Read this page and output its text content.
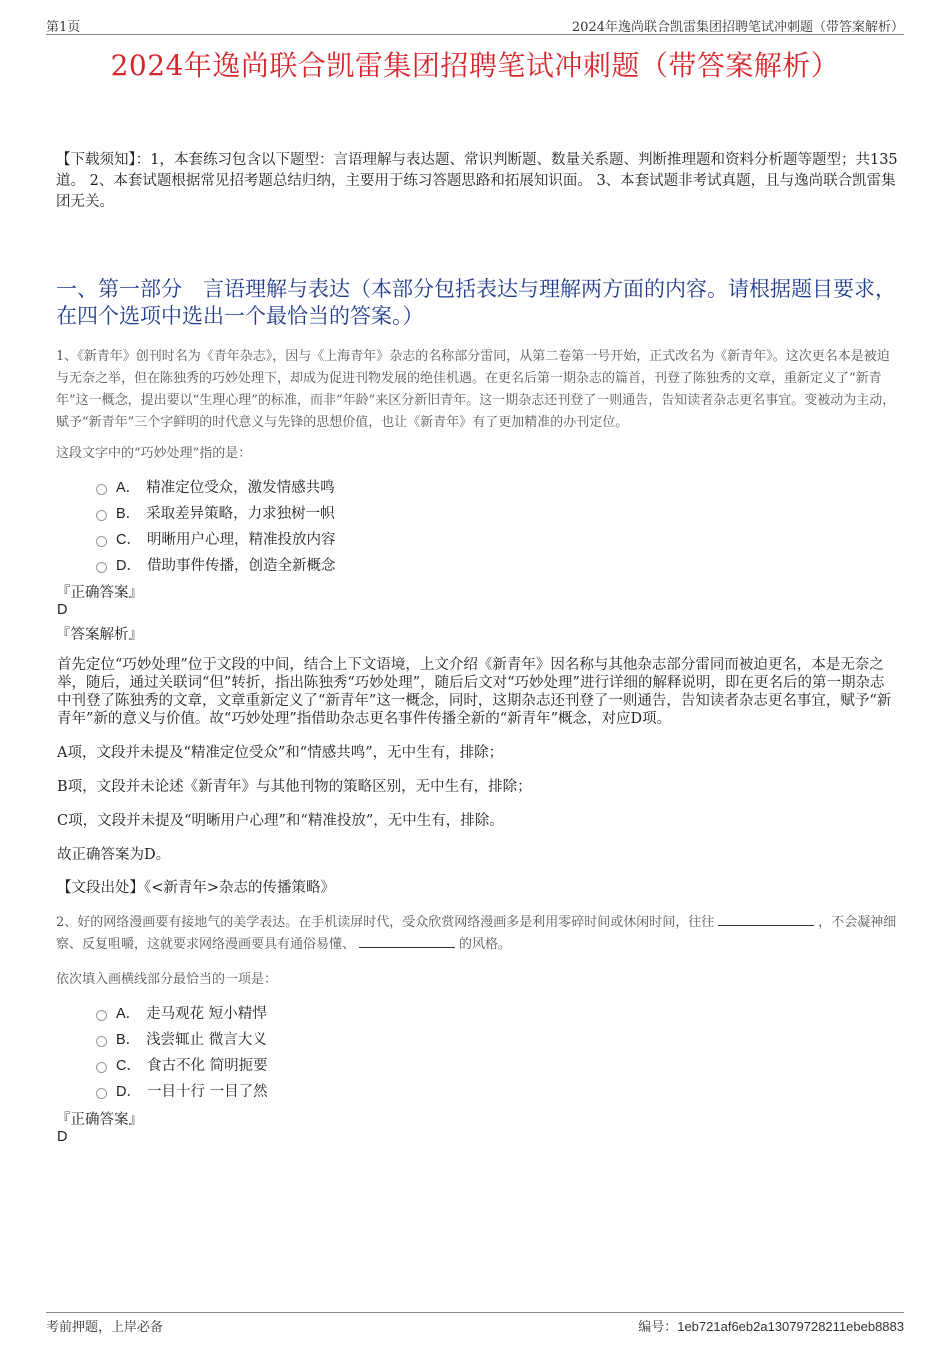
第1页	2024年逸尚联合凯雷集团招聘笔试冲刺题（带答案解析）
2024年逸尚联合凯雷集团招聘笔试冲刺题（带答案解析）
【下载须知】：1，本套练习包含以下题型：言语理解与表达题、常识判断题、数量关系题、判断推理题和资料分析题等题型；共135道。 2、本套试题根据常见招考题总结归纳，主要用于练习答题思路和拓展知识面。 3、本套试题非考试真题，且与逸尚联合凯雷集团无关。
一、第一部分　言语理解与表达（本部分包括表达与理解两方面的内容。请根据题目要求，在四个选项中选出一个最恰当的答案。）
1、《新青年》创刊时名为《青年杂志》，因与《上海青年》杂志的名称部分雷同，从第二卷第一号开始，正式改名为《新青年》。这次更名本是被迫与无奈之举，但在陈独秀的巧妙处理下，却成为促进刊物发展的绝佳机遇。在更名后第一期杂志的篇首，刊登了陈独秀的文章，重新定义了“新青年”这一概念，提出要以“生理心理”的标准，而非“年龄”来区分新旧青年。这一期杂志还刊登了一则通告，告知读者杂志更名事宜。变被动为主动，赋予“新青年”三个字鲜明的时代意义与先锋的思想价值，也让《新青年》有了更加精准的办刊定位。
这段文字中的“巧妙处理”指的是：
A． 精准定位受众，激发情感共鸣
B． 采取差异策略，力求独树一帜
C． 明晰用户心理，精准投放内容
D． 借助事件传播，创造全新概念
『正确答案』
D
『答案解析』
首先定位“巧妙处理”位于文段的中间，结合上下文语境，上文介绍《新青年》因名称与其他杂志部分雷同而被迫更名，本是无奈之举，随后，通过关联词“但”转折，指出陈独秀“巧妙处理”，随后后文对“巧妙处理”进行详细的解释说明，即在更名后的第一期杂志中刊登了陈独秀的文章，文章重新定义了“新青年”这一概念，同时，这期杂志还刊登了一则通告，告知读者杂志更名事宜，赋予“新青年”新的意义与价值。故“巧妙处理”指借助杂志更名事件传播全新的“新青年”概念，对应D项。
A项，文段并未提及“精准定位受众”和“情感共鸣”，无中生有，排除；
B项，文段并未论述《新青年》与其他刊物的策略区别，无中生有，排除；
C项，文段并未提及“明晰用户心理”和“精准投放”，无中生有，排除。
故正确答案为D。
【文段出处】《<新青年>杂志的传播策略》
2、好的网络漫画要有接地气的美学表达。在手机读屏时代，受众欣赏网络漫画多是利用零碎时间或休闲时间，往往	，不会凝神细察、反复咀嚼，这就要求网络漫画要具有通俗易懂、	的风格。
依次填入画横线部分最恰当的一项是：
A． 走马观花 短小精悍
B． 浅尝辄止 微言大义
C． 食古不化 简明扼要
D． 一目十行 一目了然
『正确答案』
D
考前押题，上岸必备	编号：1eb721af6eb2a13079728211ebeb8883
